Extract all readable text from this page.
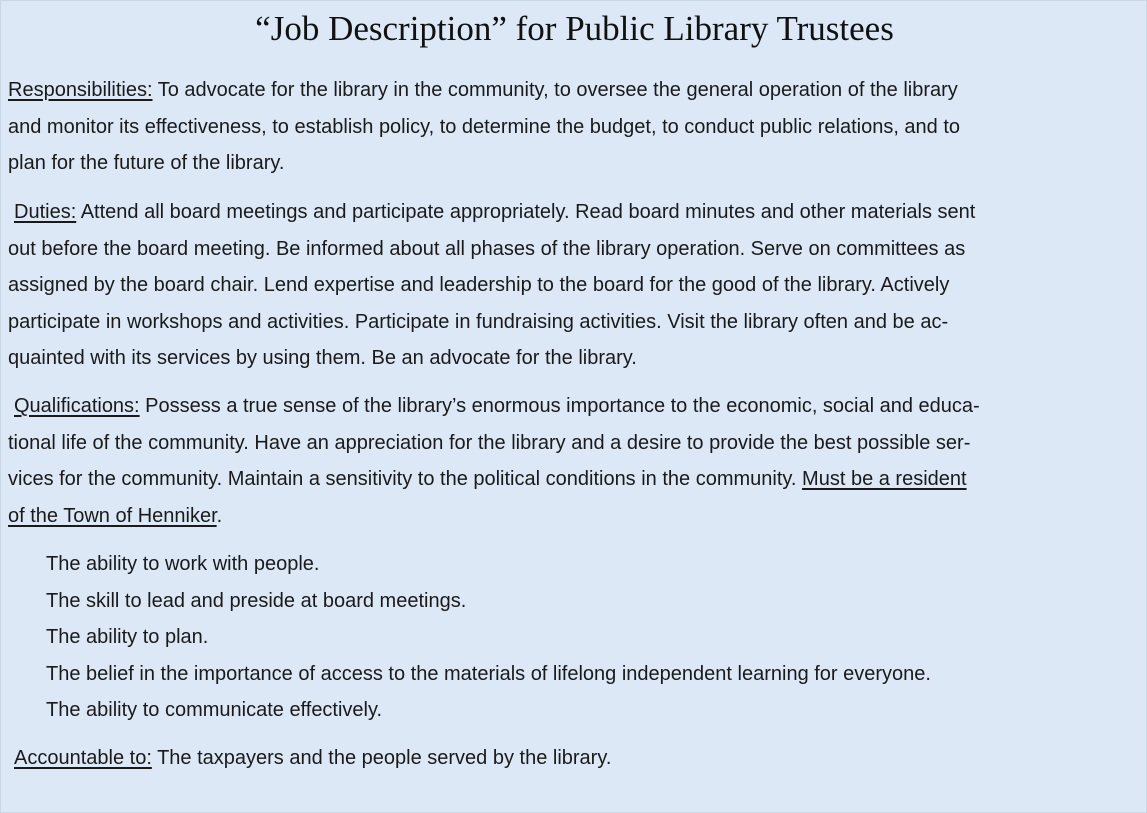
“Job Description” for Public Library Trustees
Responsibilities: To advocate for the library in the community, to oversee the general operation of the library
and monitor its effectiveness, to establish policy, to determine the budget, to conduct public relations, and to
plan for the future of the library.
Duties: Attend all board meetings and participate appropriately. Read board minutes and other materials sent
out before the board meeting. Be informed about all phases of the library operation. Serve on committees as
assigned by the board chair. Lend expertise and leadership to the board for the good of the library. Actively
participate in workshops and activities. Participate in fundraising activities. Visit the library often and be ac-
quainted with its services by using them. Be an advocate for the library.
Qualifications: Possess a true sense of the library’s enormous importance to the economic, social and educa-
tional life of the community. Have an appreciation for the library and a desire to provide the best possible ser-
vices for the community. Maintain a sensitivity to the political conditions in the community. Must be a resident
of the Town of Henniker.
The ability to work with people.
The skill to lead and preside at board meetings.
The ability to plan.
The belief in the importance of access to the materials of lifelong independent learning for everyone.
The ability to communicate effectively.
Accountable to: The taxpayers and the people served by the library.
